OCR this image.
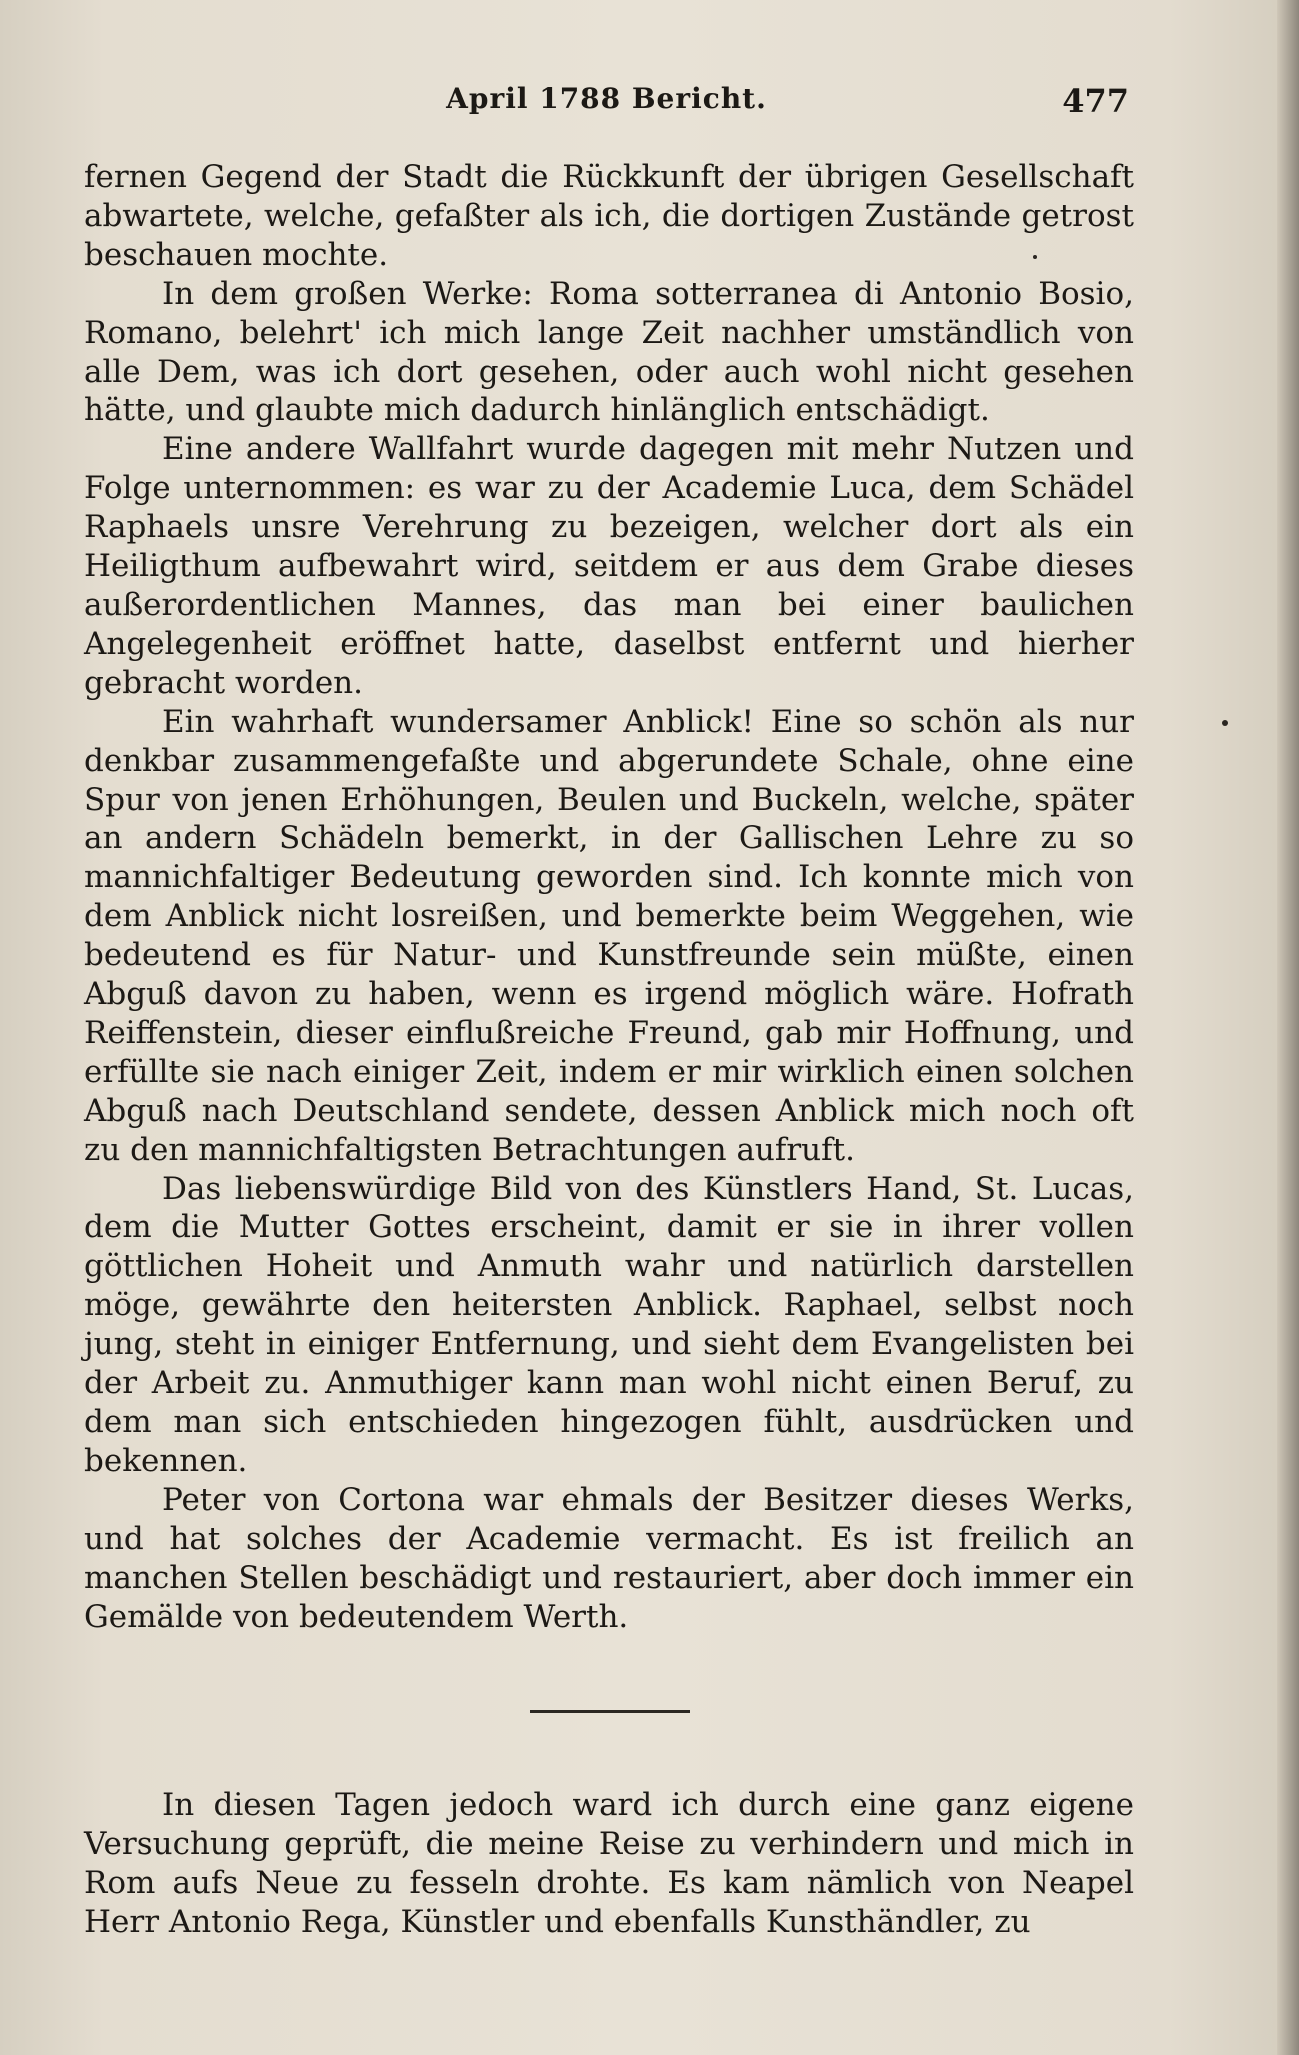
April 1788 Bericht.	477

fernen Gegend der Stadt die Rückkunft der übrigen Gesellschaft abwartete, welche, gefaßter als ich, die dortigen Zustände getrost beschauen mochte.

In dem großen Werke: Roma sotterranea di Antonio Bosio, Romano, belehrt' ich mich lange Zeit nachher umständlich von alle Dem, was ich dort gesehen, oder auch wohl nicht gesehen hätte, und glaubte mich dadurch hinlänglich entschädigt.

Eine andere Wallfahrt wurde dagegen mit mehr Nutzen und Folge unternommen: es war zu der Academie Luca, dem Schädel Raphaels unsre Verehrung zu bezeigen, welcher dort als ein Heiligthum aufbewahrt wird, seitdem er aus dem Grabe dieses außerordentlichen Mannes, das man bei einer baulichen Angelegenheit eröffnet hatte, daselbst entfernt und hierher gebracht worden.

Ein wahrhaft wundersamer Anblick! Eine so schön als nur denkbar zusammengefaßte und abgerundete Schale, ohne eine Spur von jenen Erhöhungen, Beulen und Buckeln, welche, später an andern Schädeln bemerkt, in der Gallischen Lehre zu so mannichfaltiger Bedeutung geworden sind. Ich konnte mich von dem Anblick nicht losreißen, und bemerkte beim Weggehen, wie bedeutend es für Natur- und Kunstfreunde sein müßte, einen Abguß davon zu haben, wenn es irgend möglich wäre. Hofrath Reiffenstein, dieser einflußreiche Freund, gab mir Hoffnung, und erfüllte sie nach einiger Zeit, indem er mir wirklich einen solchen Abguß nach Deutschland sendete, dessen Anblick mich noch oft zu den mannichfaltigsten Betrachtungen aufruft.

Das liebenswürdige Bild von des Künstlers Hand, St. Lucas, dem die Mutter Gottes erscheint, damit er sie in ihrer vollen göttlichen Hoheit und Anmuth wahr und natürlich darstellen möge, gewährte den heitersten Anblick. Raphael, selbst noch jung, steht in einiger Entfernung, und sieht dem Evangelisten bei der Arbeit zu. Anmuthiger kann man wohl nicht einen Beruf, zu dem man sich entschieden hingezogen fühlt, ausdrücken und bekennen.

Peter von Cortona war ehmals der Besitzer dieses Werks, und hat solches der Academie vermacht. Es ist freilich an manchen Stellen beschädigt und restauriert, aber doch immer ein Gemälde von bedeutendem Werth.

In diesen Tagen jedoch ward ich durch eine ganz eigene Versuchung geprüft, die meine Reise zu verhindern und mich in Rom aufs Neue zu fesseln drohte. Es kam nämlich von Neapel Herr Antonio Rega, Künstler und ebenfalls Kunsthändler, zu
